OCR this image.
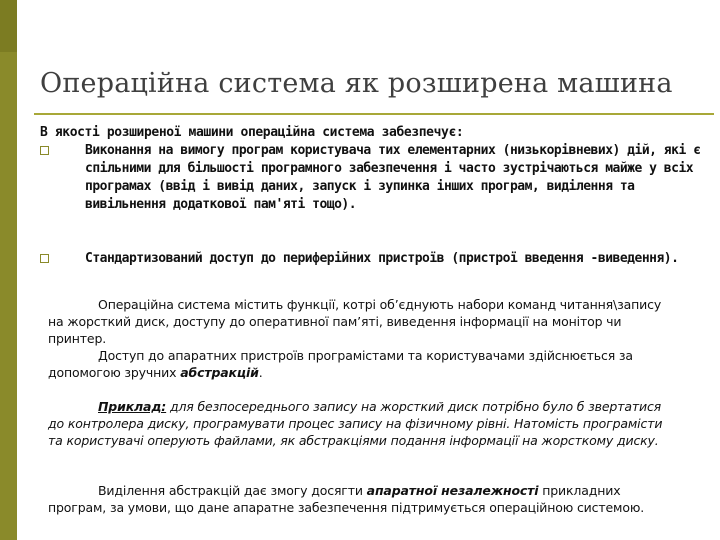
Операційна система як розширена машина
В якості розширеної машини операційна система забезпечує:
Виконання на вимогу програм користувача тих елементарних (низькорівневих) дій, які є спільними для більшості програмного забезпечення і часто зустрічаються майже у всіх програмах (ввід і вивід даних, запуск і зупинка інших програм, виділення та вивільнення додаткової пам'яті тощо).
Стандартизований доступ до периферійних пристроїв (пристрої введення -виведення).
Операційна система містить функції, котрі об’єднують набори команд читання\запису на жорсткий диск, доступу до оперативної пам’яті, виведення інформації на монітор чи принтер.
Доступ до апаратних пристроїв програмістами та користувачами здійснюється за допомогою зручних абстракцій.
Приклад: для безпосереднього запису на жорсткий диск потрібно було б звертатися до контролера диску, програмувати процес запису на фізичному рівні. Натомість програмісти та користувачі оперують файлами, як абстракціями подання інформації на жорсткому диску.
Виділення абстракцій дає змогу досягти апаратної незалежності прикладних програм, за умови, що дане апаратне забезпечення підтримується операційною системою.
